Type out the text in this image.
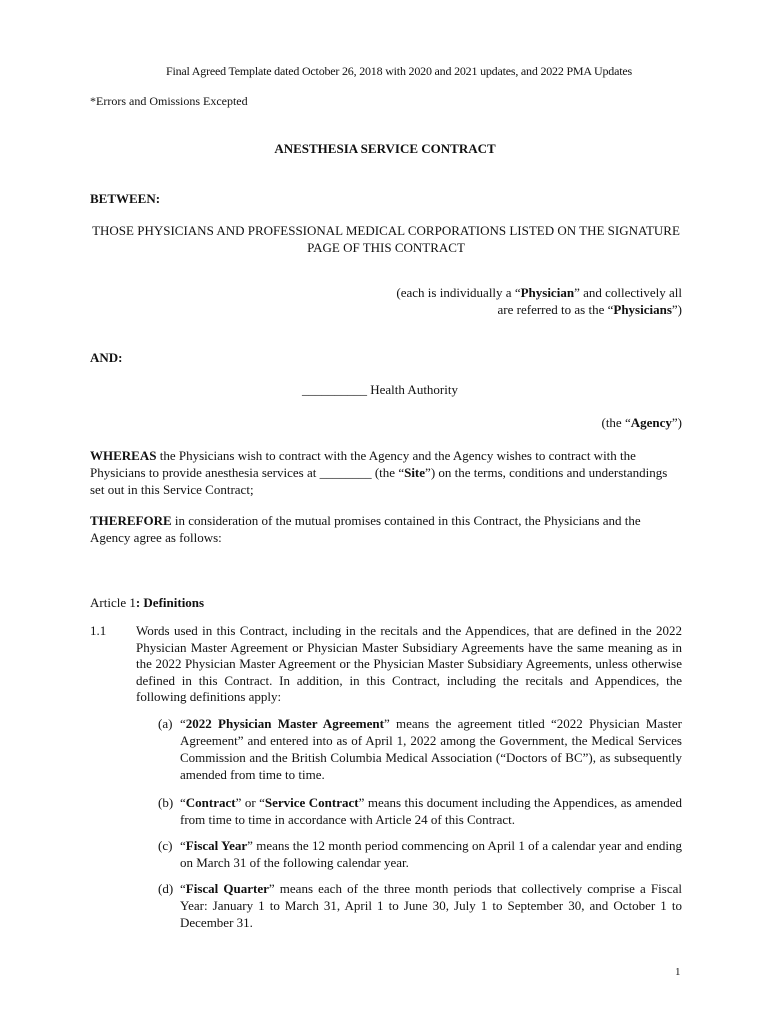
Final Agreed Template dated October 26, 2018 with 2020 and 2021 updates, and 2022 PMA Updates
*Errors and Omissions Excepted
ANESTHESIA SERVICE CONTRACT
BETWEEN:
THOSE PHYSICIANS AND PROFESSIONAL MEDICAL CORPORATIONS LISTED ON THE SIGNATURE PAGE OF THIS CONTRACT
(each is individually a “Physician” and collectively all
are referred to as the “Physicians”)
AND:
__________ Health Authority
(the “Agency”)
WHEREAS the Physicians wish to contract with the Agency and the Agency wishes to contract with the Physicians to provide anesthesia services at ________ (the “Site”) on the terms, conditions and understandings set out in this Service Contract;
THEREFORE in consideration of the mutual promises contained in this Contract, the Physicians and the Agency agree as follows:
Article 1: Definitions
1.1 Words used in this Contract, including in the recitals and the Appendices, that are defined in the 2022 Physician Master Agreement or Physician Master Subsidiary Agreements have the same meaning as in the 2022 Physician Master Agreement or the Physician Master Subsidiary Agreements, unless otherwise defined in this Contract. In addition, in this Contract, including the recitals and Appendices, the following definitions apply:
(a) “2022 Physician Master Agreement” means the agreement titled “2022 Physician Master Agreement” and entered into as of April 1, 2022 among the Government, the Medical Services Commission and the British Columbia Medical Association (“Doctors of BC”), as subsequently amended from time to time.
(b) “Contract” or “Service Contract” means this document including the Appendices, as amended from time to time in accordance with Article 24 of this Contract.
(c) “Fiscal Year” means the 12 month period commencing on April 1 of a calendar year and ending on March 31 of the following calendar year.
(d) “Fiscal Quarter” means each of the three month periods that collectively comprise a Fiscal Year: January 1 to March 31, April 1 to June 30, July 1 to September 30, and October 1 to December 31.
1
